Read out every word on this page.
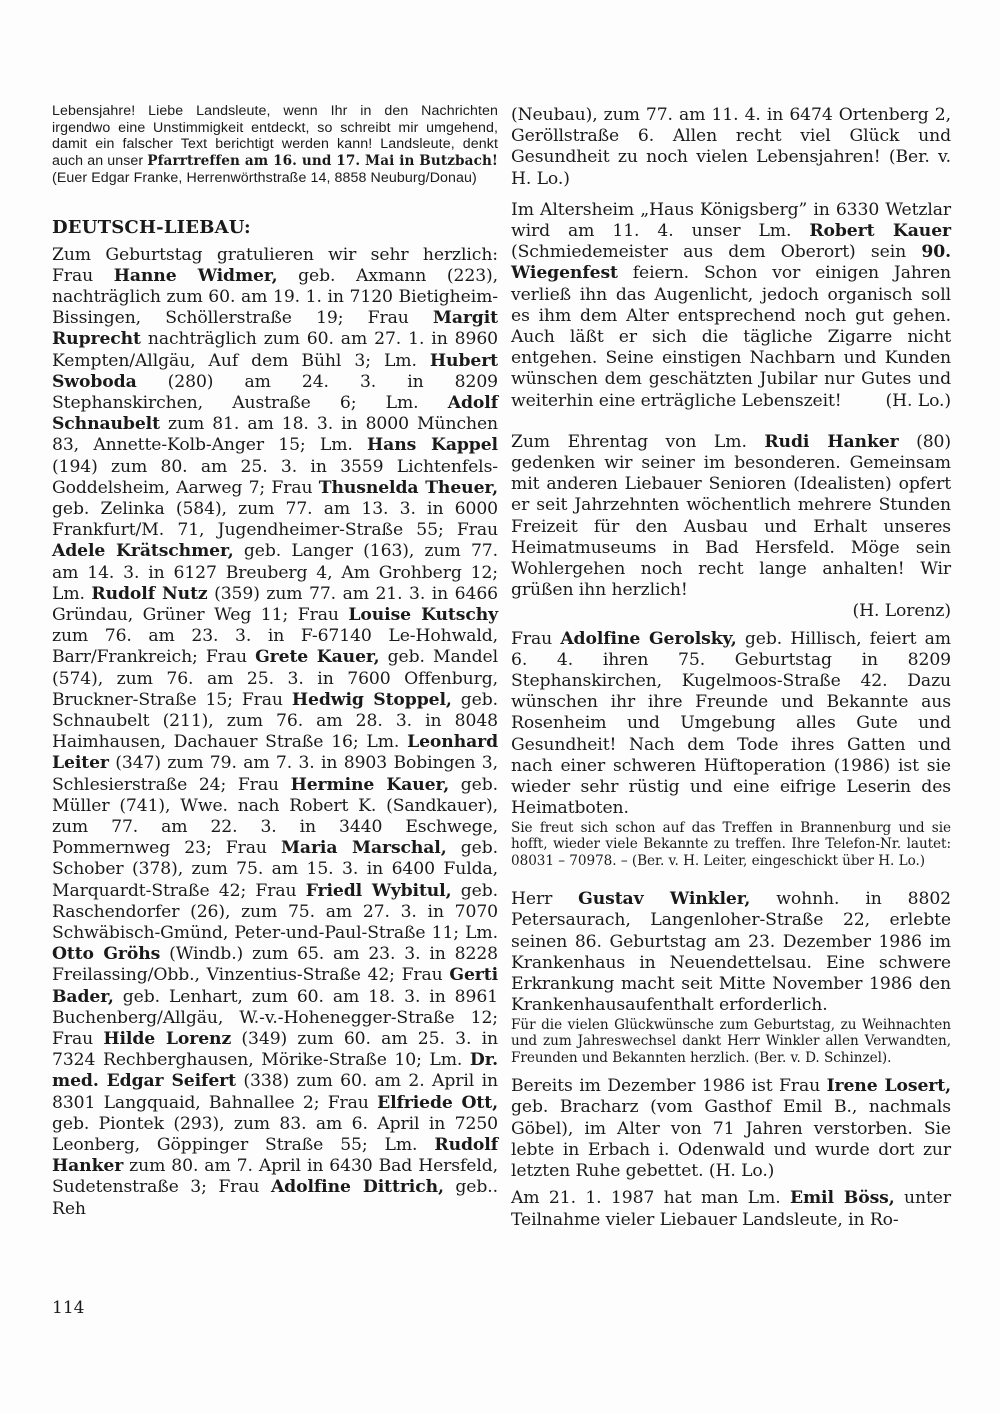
Lebensjahre! Liebe Landsleute, wenn Ihr in den Nachrichten irgendwo eine Unstimmigkeit entdeckt, so schreibt mir umgehend, damit ein falscher Text berichtigt werden kann! Landsleute, denkt auch an unser Pfarrtreffen am 16. und 17. Mai in Butzbach! (Euer Edgar Franke, Herrenwörthstraße 14, 8858 Neuburg/Donau)

DEUTSCH-LIEBAU:

Zum Geburtstag gratulieren wir sehr herzlich: Frau Hanne Widmer, geb. Axmann (223), nachträglich zum 60. am 19. 1. in 7120 Bietigheim-Bissingen, Schöllerstraße 19; Frau Margit Ruprecht nachträglich zum 60. am 27. 1. in 8960 Kempten/Allgäu, Auf dem Bühl 3; Lm. Hubert Swoboda (280) am 24. 3. in 8209 Stephanskirchen, Austraße 6; Lm. Adolf Schnaubelt zum 81. am 18. 3. in 8000 München 83, Annette-Kolb-Anger 15; Lm. Hans Kappel (194) zum 80. am 25. 3. in 3559 Lichtenfels-Goddelsheim, Aarweg 7; Frau Thusnelda Theuer, geb. Zelinka (584), zum 77. am 13. 3. in 6000 Frankfurt/M. 71, Jugendheimer-Straße 55; Frau Adele Krätschmer, geb. Langer (163), zum 77. am 14. 3. in 6127 Breuberg 4, Am Grohberg 12; Lm. Rudolf Nutz (359) zum 77. am 21. 3. in 6466 Gründau, Grüner Weg 11; Frau Louise Kutschy zum 76. am 23. 3. in F-67140 Le-Hohwald, Barr/Frankreich; Frau Grete Kauer, geb. Mandel (574), zum 76. am 25. 3. in 7600 Offenburg, Bruckner-Straße 15; Frau Hedwig Stoppel, geb. Schnaubelt (211), zum 76. am 28. 3. in 8048 Haimhausen, Dachauer Straße 16; Lm. Leonhard Leiter (347) zum 79. am 7. 3. in 8903 Bobingen 3, Schlesierstraße 24; Frau Hermine Kauer, geb. Müller (741), Wwe. nach Robert K. (Sandkauer), zum 77. am 22. 3. in 3440 Eschwege, Pommernweg 23; Frau Maria Marschal, geb. Schober (378), zum 75. am 15. 3. in 6400 Fulda, Marquardt-Straße 42; Frau Friedl Wybitul, geb. Raschendorfer (26), zum 75. am 27. 3. in 7070 Schwäbisch-Gmünd, Peter-und-Paul-Straße 11; Lm. Otto Gröhs (Windb.) zum 65. am 23. 3. in 8228 Freilassing/Obb., Vinzentius-Straße 42; Frau Gerti Bader, geb. Lenhart, zum 60. am 18. 3. in 8961 Buchenberg/Allgäu, W.-v.-Hohenegger-Straße 12; Frau Hilde Lorenz (349) zum 60. am 25. 3. in 7324 Rechberghausen, Mörike-Straße 10; Lm. Dr. med. Edgar Seifert (338) zum 60. am 2. April in 8301 Langquaid, Bahnallee 2; Frau Elfriede Ott, geb. Piontek (293), zum 83. am 6. April in 7250 Leonberg, Göppinger Straße 55; Lm. Rudolf Hanker zum 80. am 7. April in 6430 Bad Hersfeld, Sudetenstraße 3; Frau Adolfine Dittrich, geb.. Reh

(Neubau), zum 77. am 11. 4. in 6474 Ortenberg 2, Geröllstraße 6. Allen recht viel Glück und Gesundheit zu noch vielen Lebensjahren! (Ber. v. H. Lo.)

Im Altersheim „Haus Königsberg” in 6330 Wetzlar wird am 11. 4. unser Lm. Robert Kauer (Schmiedemeister aus dem Oberort) sein 90. Wiegenfest feiern. Schon vor einigen Jahren verließ ihn das Augenlicht, jedoch organisch soll es ihm dem Alter entsprechend noch gut gehen. Auch läßt er sich die tägliche Zigarre nicht entgehen. Seine einstigen Nachbarn und Kunden wünschen dem geschätzten Jubilar nur Gutes und weiterhin eine erträgliche Lebenszeit!	(H. Lo.)

Zum Ehrentag von Lm. Rudi Hanker (80) gedenken wir seiner im besonderen. Gemeinsam mit anderen Liebauer Senioren (Idealisten) opfert er seit Jahrzehnten wöchentlich mehrere Stunden Freizeit für den Ausbau und Erhalt unseres Heimatmuseums in Bad Hersfeld. Möge sein Wohlergehen noch recht lange anhalten! Wir grüßen ihn herzlich!
(H. Lorenz)

Frau Adolfine Gerolsky, geb. Hillisch, feiert am 6. 4. ihren 75. Geburtstag in 8209 Stephanskirchen, Kugelmoos-Straße 42. Dazu wünschen ihr ihre Freunde und Bekannte aus Rosenheim und Umgebung alles Gute und Gesundheit! Nach dem Tode ihres Gatten und nach einer schweren Hüftoperation (1986) ist sie wieder sehr rüstig und eine eifrige Leserin des Heimatboten.

Sie freut sich schon auf das Treffen in Brannenburg und sie hofft, wieder viele Bekannte zu treffen. Ihre Telefon-Nr. lautet: 08031 – 70978. – (Ber. v. H. Leiter, eingeschickt über H. Lo.)

Herr Gustav Winkler, wohnh. in 8802 Petersaurach, Langenloher-Straße 22, erlebte seinen 86. Geburtstag am 23. Dezember 1986 im Krankenhaus in Neuendettelsau. Eine schwere Erkrankung macht seit Mitte November 1986 den Krankenhausaufenthalt erforderlich.

Für die vielen Glückwünsche zum Geburtstag, zu Weihnachten und zum Jahreswechsel dankt Herr Winkler allen Verwandten, Freunden und Bekannten herzlich. (Ber. v. D. Schinzel).

Bereits im Dezember 1986 ist Frau Irene Losert, geb. Bracharz (vom Gasthof Emil B., nachmals Göbel), im Alter von 71 Jahren verstorben. Sie lebte in Erbach i. Odenwald und wurde dort zur letzten Ruhe gebettet. (H. Lo.)

Am 21. 1. 1987 hat man Lm. Emil Böss, unter Teilnahme vieler Liebauer Landsleute, in Ro-

114
